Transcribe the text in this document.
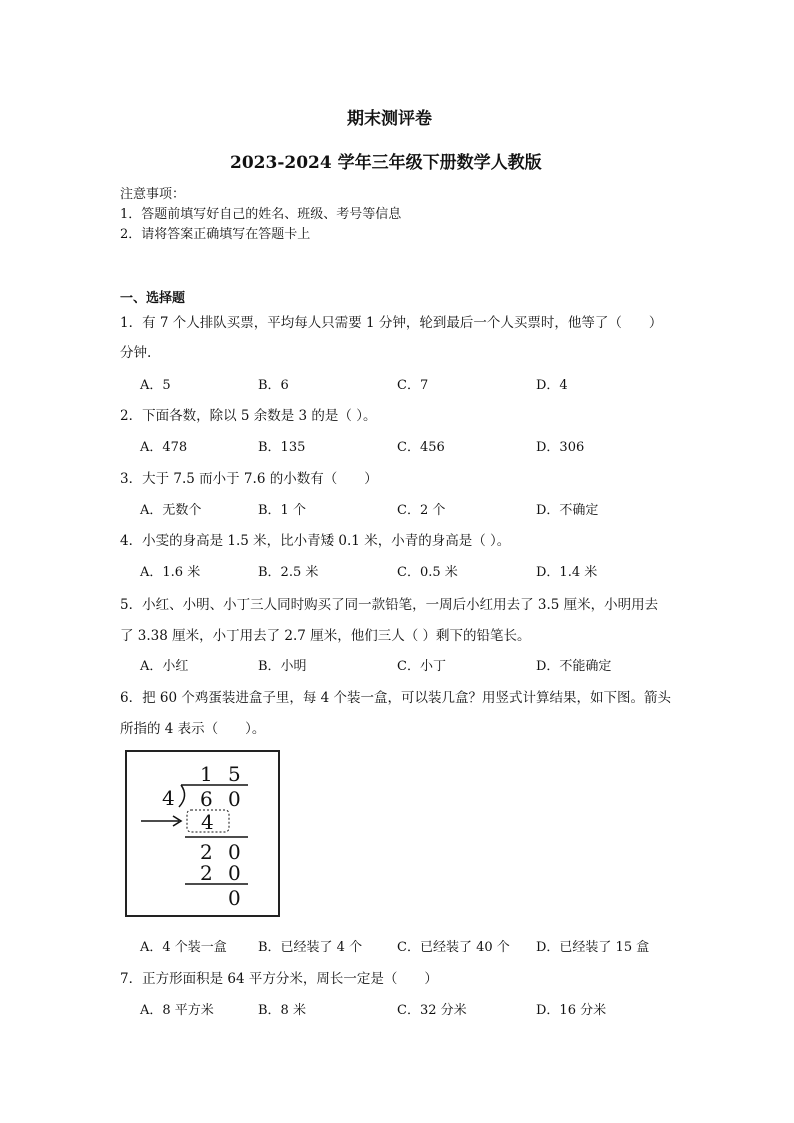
期末测评卷
2023-2024 学年三年级下册数学人教版
注意事项：
1．答题前填写好自己的姓名、班级、考号等信息
2．请将答案正确填写在答题卡上
一、选择题
1．有 7 个人排队买票，平均每人只需要 1 分钟，轮到最后一个人买票时，他等了（　　）
分钟.
A．5	B．6	C．7	D．4
2．下面各数，除以 5 余数是 3 的是（ ）。
A．478	B．135	C．456	D．306
3．大于 7.5 而小于 7.6 的小数有（　　）
A．无数个	B．1 个	C．2 个	D．不确定
4．小雯的身高是 1.5 米，比小青矮 0.1 米，小青的身高是（ ）。
A．1.6 米	B．2.5 米	C．0.5 米	D．1.4 米
5．小红、小明、小丁三人同时购买了同一款铅笔，一周后小红用去了 3.5 厘米，小明用去
了 3.38 厘米，小丁用去了 2.7 厘米，他们三人（ ）剩下的铅笔长。
A．小红	B．小明	C．小丁	D．不能确定
6．把 60 个鸡蛋装进盒子里，每 4 个装一盒，可以装几盒？用竖式计算结果，如下图。箭头
所指的 4 表示（　　）。
1 5
4 6 0
4
2 0
2 0
0
A．4 个装一盒 B．已经装了 4 个	C．已经装了 40 个 D．已经装了 15 盒
7．正方形面积是 64 平方分米，周长一定是（　　）
A．8 平方米	B．8 米	C．32 分米	D．16 分米
